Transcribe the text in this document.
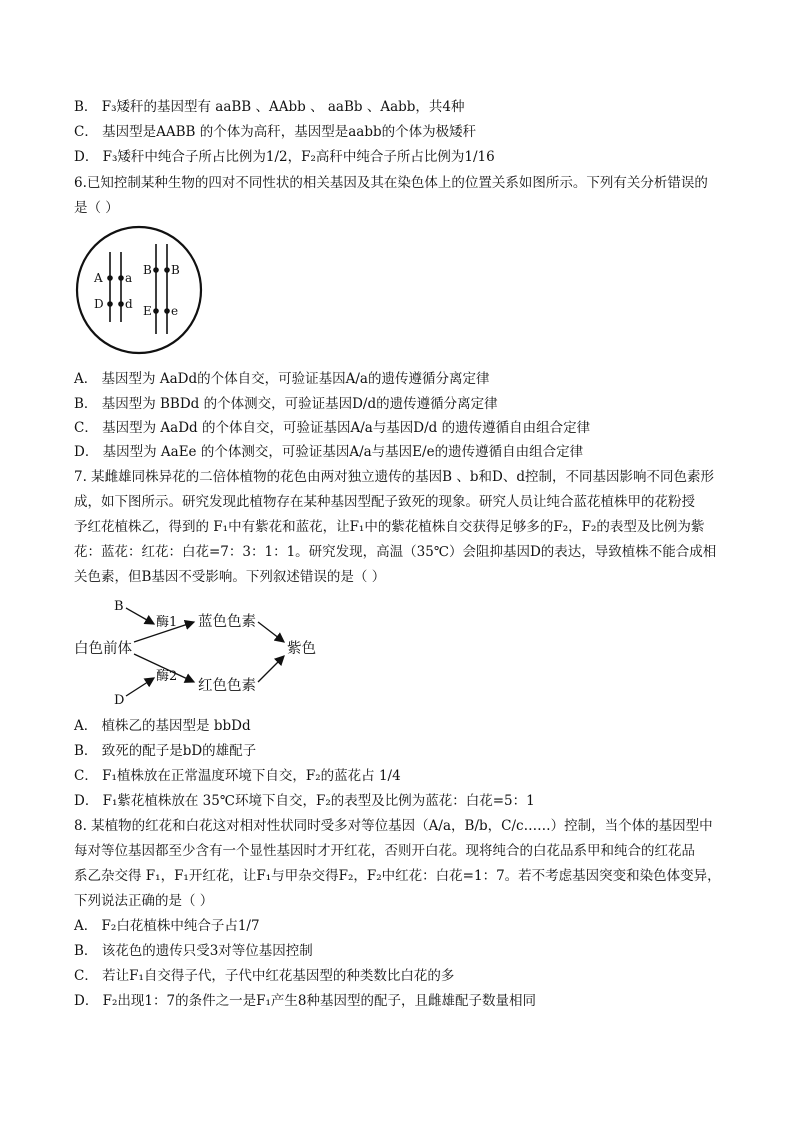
B． F₃矮秆的基因型有 aaBB 、AAbb 、 aaBb 、Aabb，共4种
C． 基因型是AABB 的个体为高秆，基因型是aabb的个体为极矮秆
D． F₃矮秆中纯合子所占比例为1/2，F₂高秆中纯合子所占比例为1/16
6.已知控制某种生物的四对不同性状的相关基因及其在染色体上的位置关系如图所示。下列有关分析错误的
是（ ）
A a
D d
B B
E e
A． 基因型为 AaDd的个体自交，可验证基因A/a的遗传遵循分离定律
B． 基因型为 BBDd 的个体测交，可验证基因D/d的遗传遵循分离定律
C． 基因型为 AaDd 的个体自交，可验证基因A/a与基因D/d 的遗传遵循自由组合定律
D． 基因型为 AaEe 的个体测交，可验证基因A/a与基因E/e的遗传遵循自由组合定律
7. 某雌雄同株异花的二倍体植物的花色由两对独立遗传的基因B 、b和D、d控制，不同基因影响不同色素形
成，如下图所示。研究发现此植物存在某种基因型配子致死的现象。研究人员让纯合蓝花植株甲的花粉授
予红花植株乙，得到的 F₁中有紫花和蓝花，让F₁中的紫花植株自交获得足够多的F₂，F₂的表型及比例为紫
花：蓝花：红花：白花=7：3：1：1。研究发现，高温（35℃）会阻抑基因D的表达，导致植株不能合成相
关色素，但B基因不受影响。下列叙述错误的是（ ）
B
D
白色前体
蓝色色素
红色色素
紫色
酶1
酶2
A． 植株乙的基因型是 bbDd
B． 致死的配子是bD的雄配子
C． F₁植株放在正常温度环境下自交，F₂的蓝花占 1/4
D． F₁紫花植株放在 35℃环境下自交，F₂的表型及比例为蓝花：白花=5：1
8. 某植物的红花和白花这对相对性状同时受多对等位基因（A/a，B/b，C/c……）控制，当个体的基因型中
每对等位基因都至少含有一个显性基因时才开红花，否则开白花。现将纯合的白花品系甲和纯合的红花品
系乙杂交得 F₁，F₁开红花，让F₁与甲杂交得F₂，F₂中红花：白花=1：7。若不考虑基因突变和染色体变异，
下列说法正确的是（ ）
A． F₂白花植株中纯合子占1/7
B． 该花色的遗传只受3对等位基因控制
C． 若让F₁自交得子代，子代中红花基因型的种类数比白花的多
D． F₂出现1：7的条件之一是F₁产生8种基因型的配子，且雌雄配子数量相同
